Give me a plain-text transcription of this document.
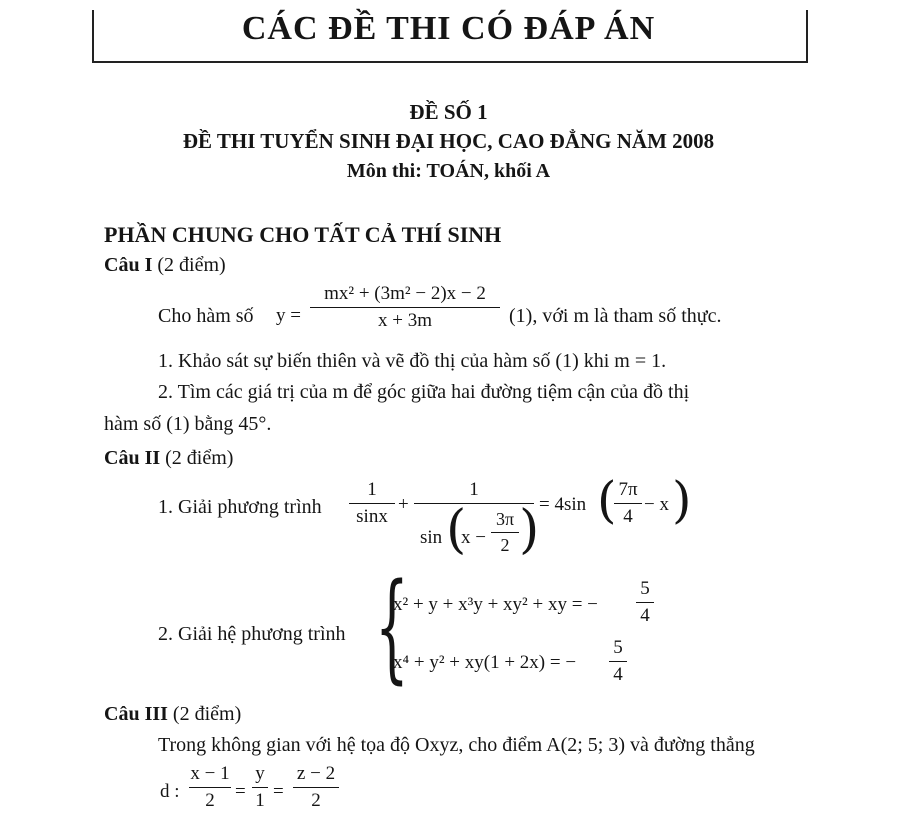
CÁC ĐỀ THI CÓ ĐÁP ÁN
ĐỀ SỐ 1
ĐỀ THI TUYỂN SINH ĐẠI HỌC, CAO ĐẲNG NĂM 2008
Môn thi: TOÁN, khối A
PHẦN CHUNG CHO TẤT CẢ THÍ SINH
Câu I (2 điểm)
Cho hàm số y =
mx² + (3m² − 2)x − 2
x + 3m	(1), với m là tham số thực.
1. Khảo sát sự biến thiên và vẽ đồ thị của hàm số (1) khi m = 1.
2. Tìm các giá trị của m để góc giữa hai đường tiệm cận của đồ thị
hàm số (1) bằng 45°.
Câu II (2 điểm)
1. Giải phương trình
1
sinx
+
1
sin (
x −
3π
2 ) = 4sin ( 7π
4
− x )
2. Giải hệ phương trình {
x² + y + x³y + xy² + xy = −
5
4
x⁴ + y² + xy(1 + 2x) = −
5
4
Câu III (2 điểm)
Trong không gian với hệ tọa độ Oxyz, cho điểm A(2; 5; 3) và đường thẳng
d :
x − 1
2	=
y
1 =
z − 2
2
